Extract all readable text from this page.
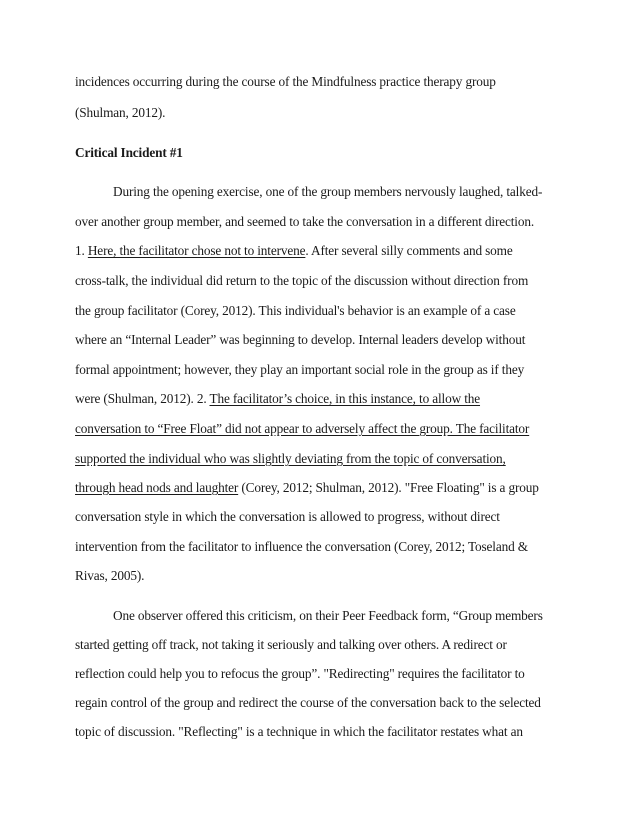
incidences occurring during the course of the Mindfulness practice therapy group
(Shulman, 2012).
Critical Incident #1
During the opening exercise, one of the group members nervously laughed, talked-
over another group member, and seemed to take the conversation in a different direction.
1. Here, the facilitator chose not to intervene. After several silly comments and some
cross-talk, the individual did return to the topic of the discussion without direction from
the group facilitator (Corey, 2012). This individual's behavior is an example of a case
where an “Internal Leader” was beginning to develop. Internal leaders develop without
formal appointment; however, they play an important social role in the group as if they
were (Shulman, 2012). 2. The facilitator’s choice, in this instance, to allow the
conversation to “Free Float” did not appear to adversely affect the group. The facilitator
supported the individual who was slightly deviating from the topic of conversation,
through head nods and laughter (Corey, 2012; Shulman, 2012). "Free Floating" is a group
conversation style in which the conversation is allowed to progress, without direct
intervention from the facilitator to influence the conversation (Corey, 2012; Toseland &
Rivas, 2005).
One observer offered this criticism, on their Peer Feedback form, “Group members
started getting off track, not taking it seriously and talking over others. A redirect or
reflection could help you to refocus the group”. "Redirecting" requires the facilitator to
regain control of the group and redirect the course of the conversation back to the selected
topic of discussion. "Reflecting" is a technique in which the facilitator restates what an
